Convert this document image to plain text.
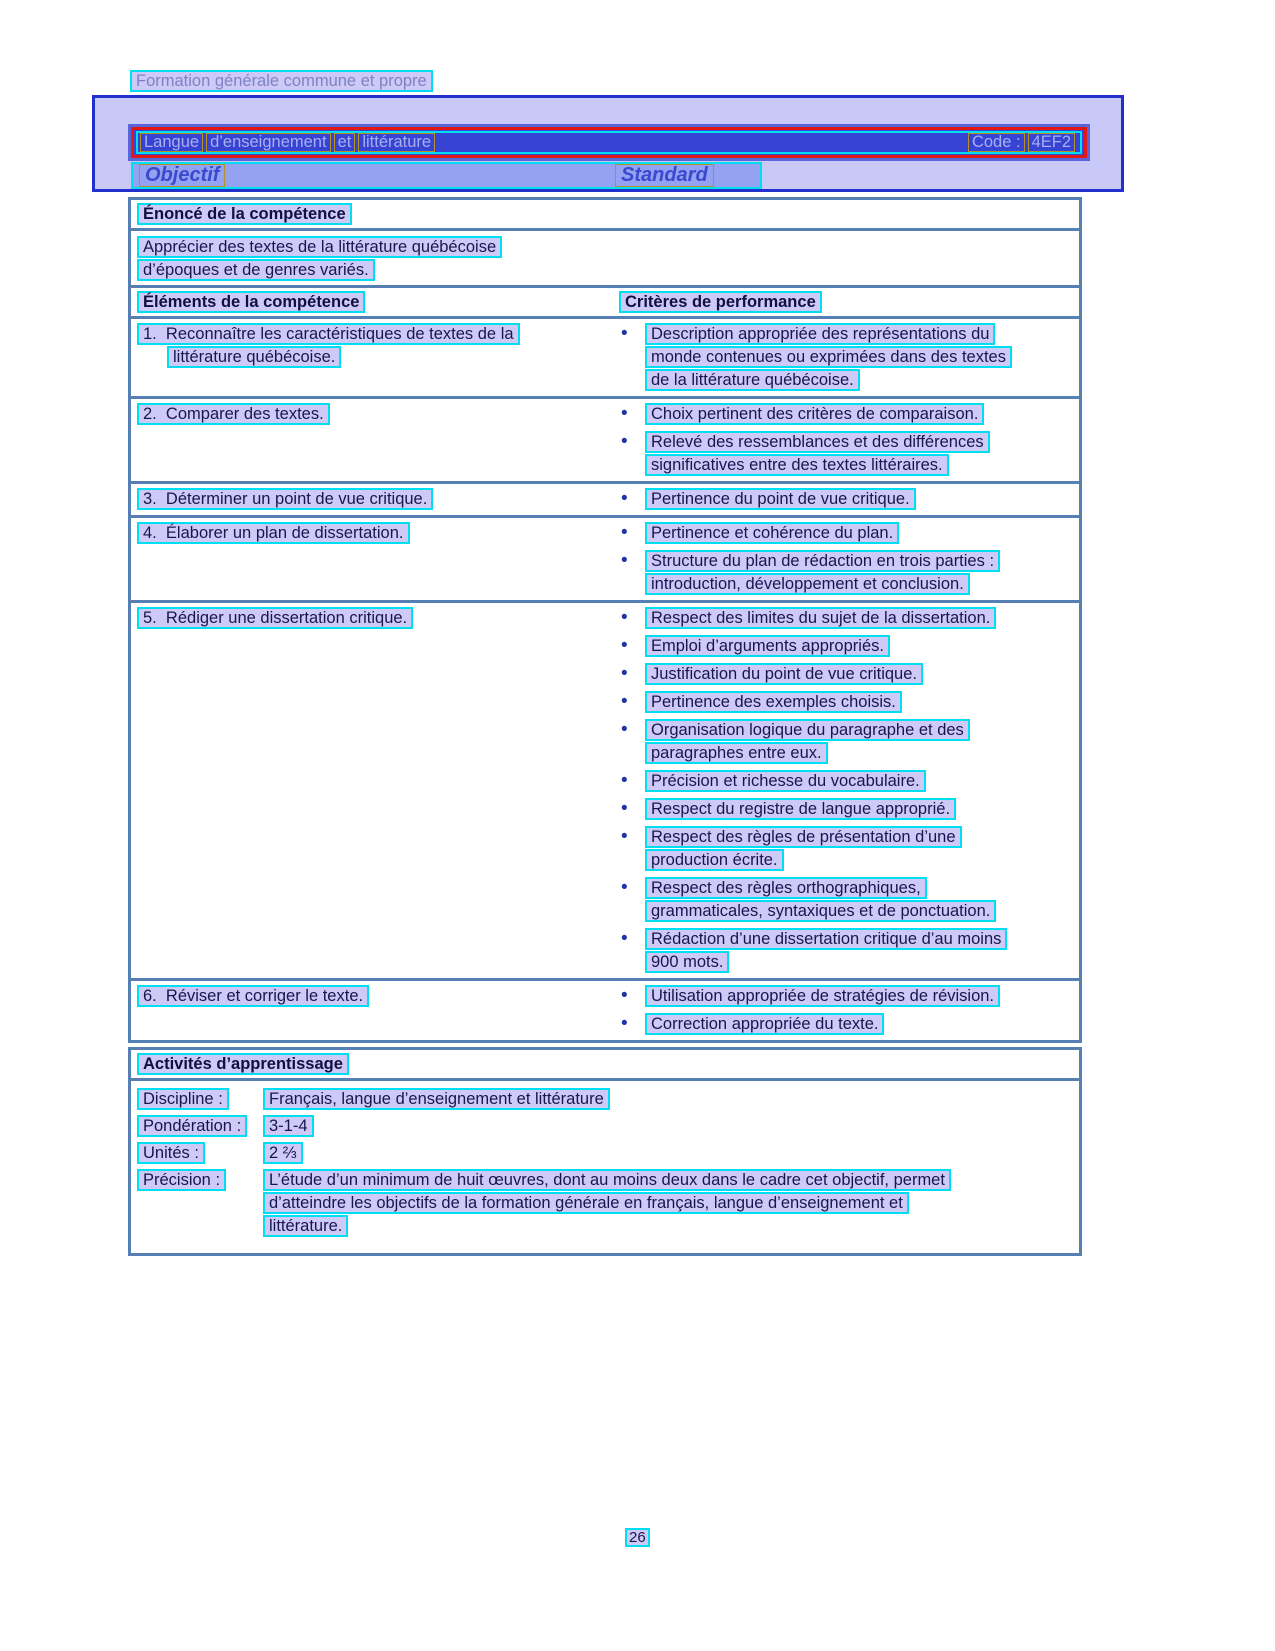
Formation générale commune et propre
Langue d’enseignement et littérature	Code : 4EF2
Objectif	Standard
Énoncé de la compétence
Apprécier des textes de la littérature québécoise
d’époques et de genres variés.
Éléments de la compétence	Critères de performance
1.  Reconnaître les caractéristiques de textes de la
littérature québécoise.
•	Description appropriée des représentations du
monde contenues ou exprimées dans des textes
de la littérature québécoise.
2.  Comparer des textes.	•	Choix pertinent des critères de comparaison.
•	Relevé des ressemblances et des différences
significatives entre des textes littéraires.
3.  Déterminer un point de vue critique.	•	Pertinence du point de vue critique.
4.  Élaborer un plan de dissertation.	•	Pertinence et cohérence du plan.
•	Structure du plan de rédaction en trois parties :
introduction, développement et conclusion.
5.  Rédiger une dissertation critique.	•	Respect des limites du sujet de la dissertation.
•	Emploi d’arguments appropriés.
•	Justification du point de vue critique.
•	Pertinence des exemples choisis.
•	Organisation logique du paragraphe et des
paragraphes entre eux.
•	Précision et richesse du vocabulaire.
•	Respect du registre de langue approprié.
•	Respect des règles de présentation d’une
production écrite.
•	Respect des règles orthographiques,
grammaticales, syntaxiques et de ponctuation.
•	Rédaction d’une dissertation critique d’au moins
900 mots.
6.  Réviser et corriger le texte.	•	Utilisation appropriée de stratégies de révision.
•	Correction appropriée du texte.
Activités d’apprentissage
Discipline :	Français, langue d’enseignement et littérature
Pondération :	3-1-4
Unités :	2 ⅔
Précision :	L’étude d’un minimum de huit œuvres, dont au moins deux dans le cadre cet objectif, permet
d’atteindre les objectifs de la formation générale en français, langue d’enseignement et
littérature.
26
